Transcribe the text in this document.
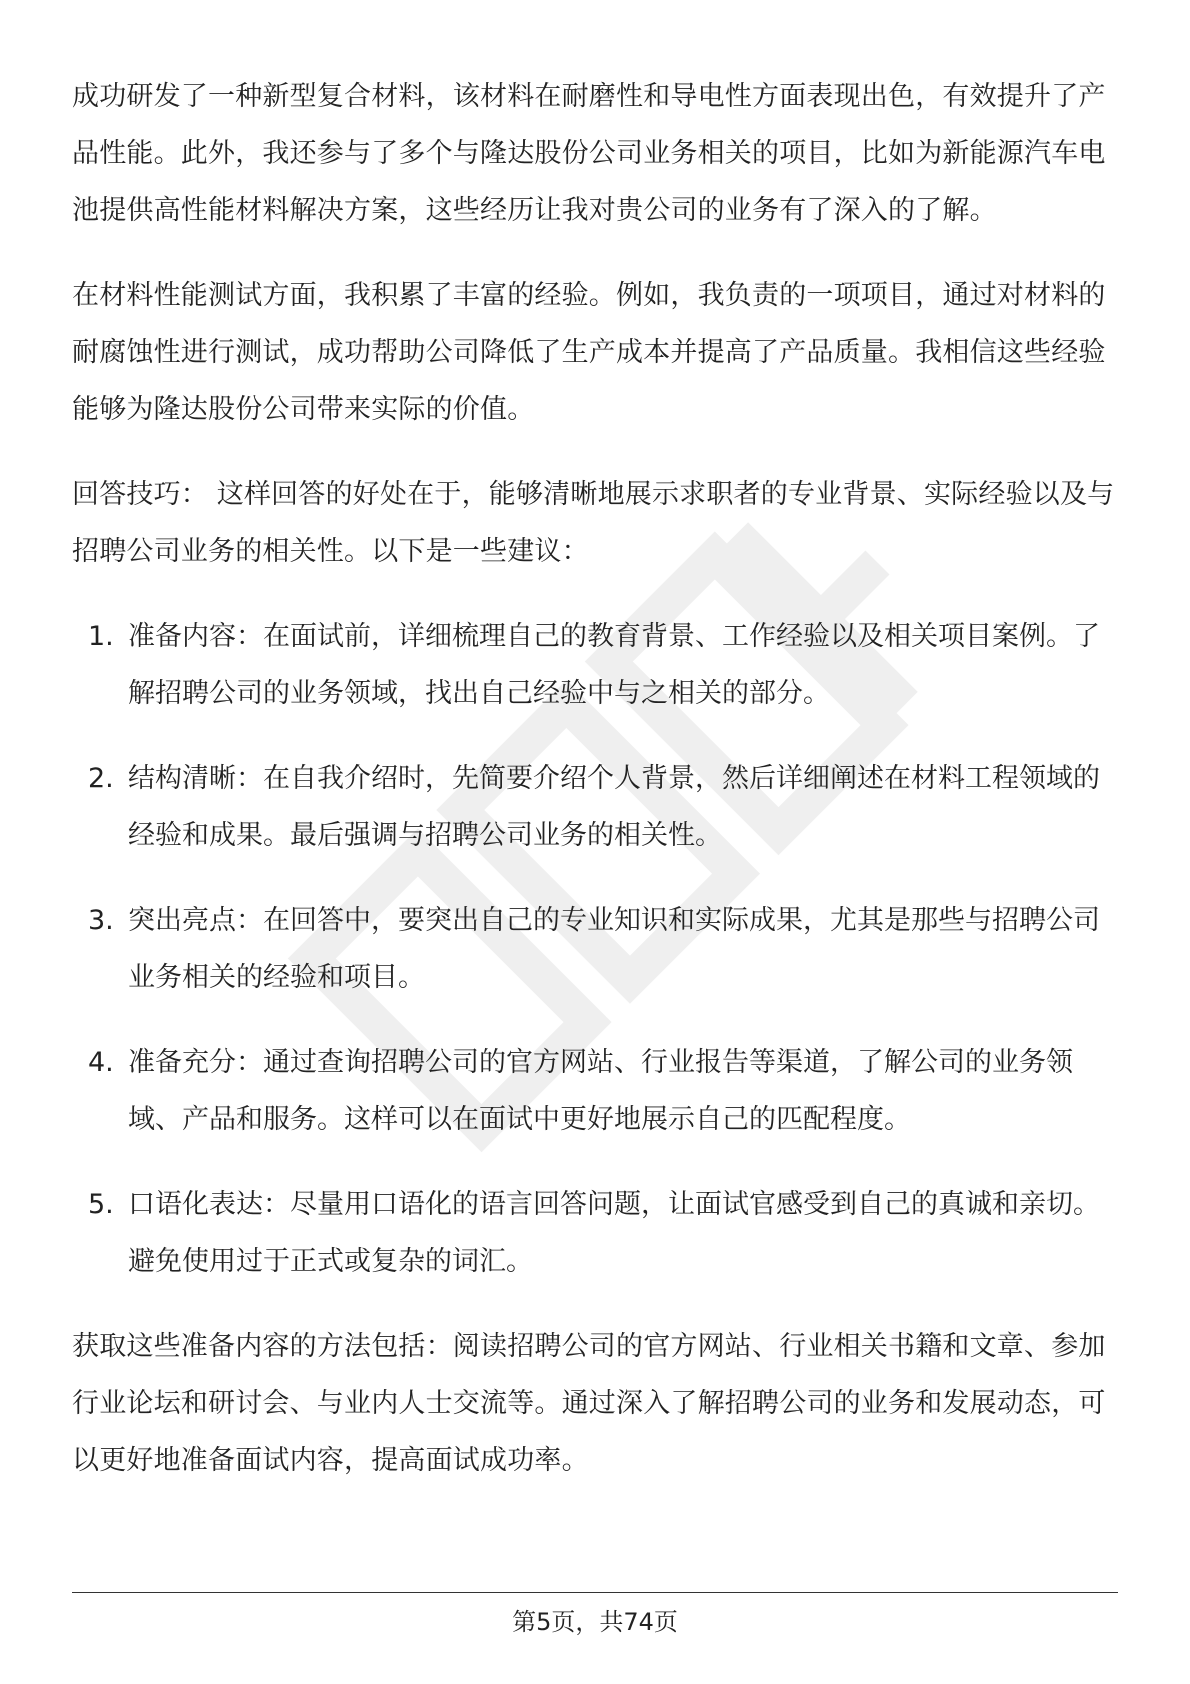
成功研发了一种新型复合材料，该材料在耐磨性和导电性方面表现出色，有效提升了产品性能。此外，我还参与了多个与隆达股份公司业务相关的项目，比如为新能源汽车电池提供高性能材料解决方案，这些经历让我对贵公司的业务有了深入的了解。

在材料性能测试方面，我积累了丰富的经验。例如，我负责的一项项目，通过对材料的耐腐蚀性进行测试，成功帮助公司降低了生产成本并提高了产品质量。我相信这些经验能够为隆达股份公司带来实际的价值。

回答技巧： 这样回答的好处在于，能够清晰地展示求职者的专业背景、实际经验以及与招聘公司业务的相关性。以下是一些建议：

1. 准备内容：在面试前，详细梳理自己的教育背景、工作经验以及相关项目案例。了解招聘公司的业务领域，找出自己经验中与之相关的部分。
2. 结构清晰：在自我介绍时，先简要介绍个人背景，然后详细阐述在材料工程领域的经验和成果。最后强调与招聘公司业务的相关性。
3. 突出亮点：在回答中，要突出自己的专业知识和实际成果，尤其是那些与招聘公司业务相关的经验和项目。
4. 准备充分：通过查询招聘公司的官方网站、行业报告等渠道，了解公司的业务领域、产品和服务。这样可以在面试中更好地展示自己的匹配程度。
5. 口语化表达：尽量用口语化的语言回答问题，让面试官感受到自己的真诚和亲切。避免使用过于正式或复杂的词汇。

获取这些准备内容的方法包括：阅读招聘公司的官方网站、行业相关书籍和文章、参加行业论坛和研讨会、与业内人士交流等。通过深入了解招聘公司的业务和发展动态，可以更好地准备面试内容，提高面试成功率。

第5页，共74页
